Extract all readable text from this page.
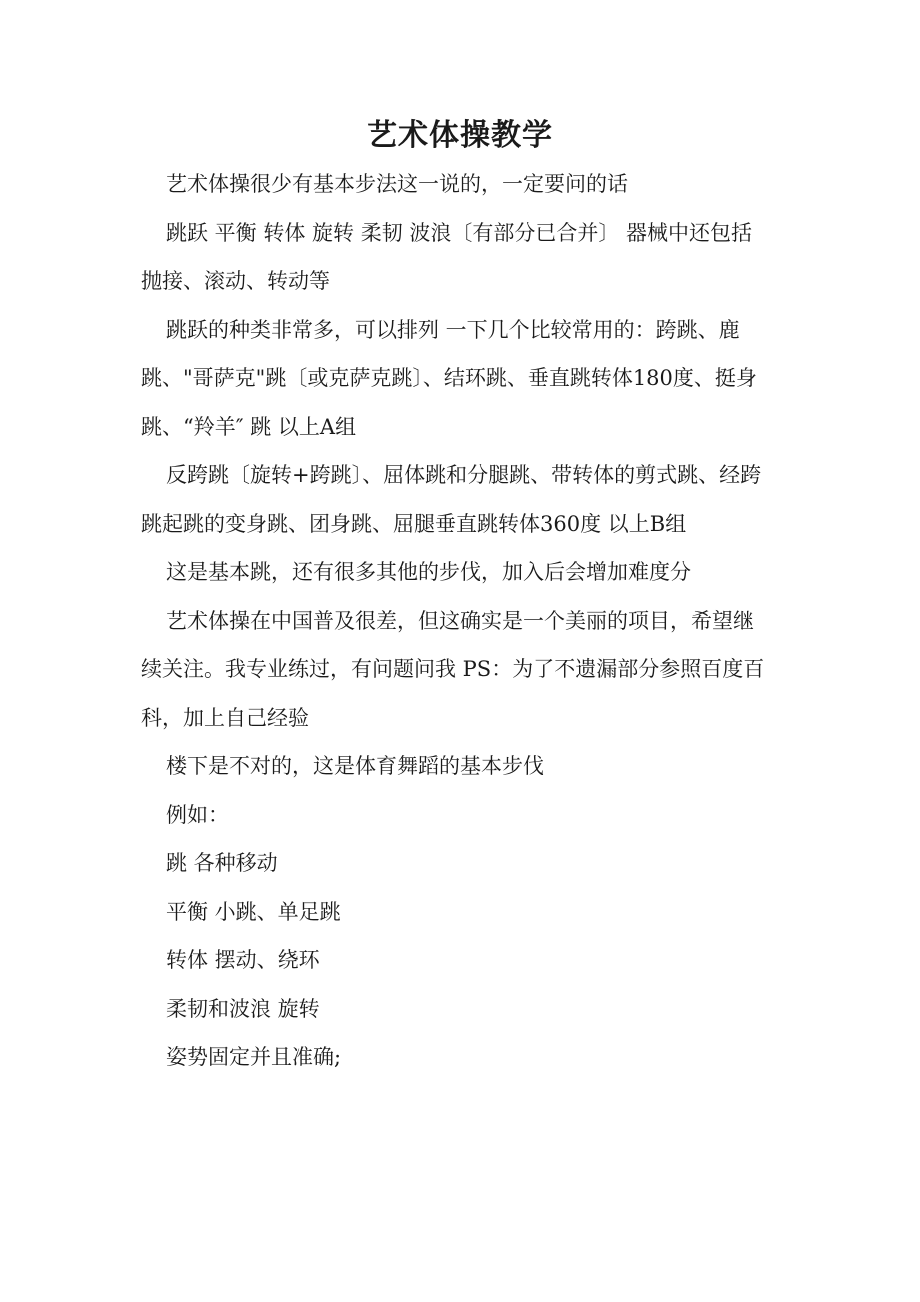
艺术体操教学

艺术体操很少有基本步法这一说的，一定要问的话

跳跃 平衡 转体 旋转 柔韧 波浪〔有部分已合并〕 器械中还包括抛接、滚动、转动等

跳跃的种类非常多，可以排列 一下几个比较常用的：跨跳、鹿跳、"哥萨克"跳〔或克萨克跳〕、结环跳、垂直跳转体180度、挺身跳、“羚羊″ 跳 以上A组

反跨跳〔旋转+跨跳〕、屈体跳和分腿跳、带转体的剪式跳、经跨跳起跳的变身跳、团身跳、屈腿垂直跳转体360度 以上B组

这是基本跳，还有很多其他的步伐，加入后会增加难度分

艺术体操在中国普及很差，但这确实是一个美丽的项目，希望继续关注。我专业练过，有问题问我 PS：为了不遗漏部分参照百度百科，加上自己经验

楼下是不对的，这是体育舞蹈的基本步伐

例如：

跳 各种移动

平衡 小跳、单足跳

转体 摆动、绕环

柔韧和波浪 旋转

姿势固定并且准确;
